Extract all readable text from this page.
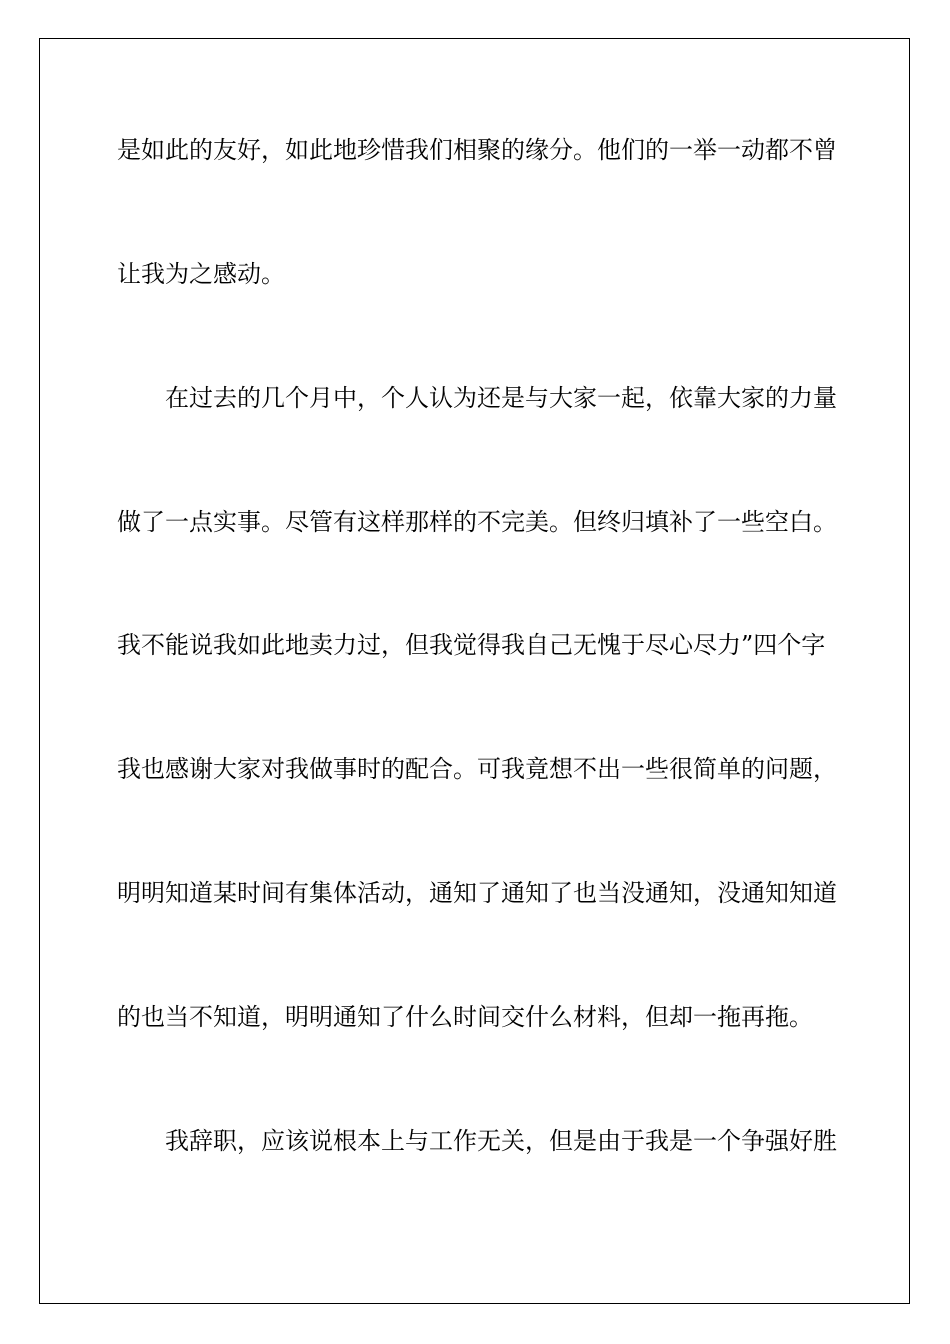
是如此的友好，如此地珍惜我们相聚的缘分。他们的一举一动都不曾
让我为之感动。
在过去的几个月中，个人认为还是与大家一起，依靠大家的力量
做了一点实事。尽管有这样那样的不完美。但终归填补了一些空白。
我不能说我如此地卖力过，但我觉得我自己无愧于尽心尽力”四个字
我也感谢大家对我做事时的配合。可我竟想不出一些很简单的问题，
明明知道某时间有集体活动，通知了通知了也当没通知，没通知知道
的也当不知道，明明通知了什么时间交什么材料，但却一拖再拖。
我辞职，应该说根本上与工作无关，但是由于我是一个争强好胜
